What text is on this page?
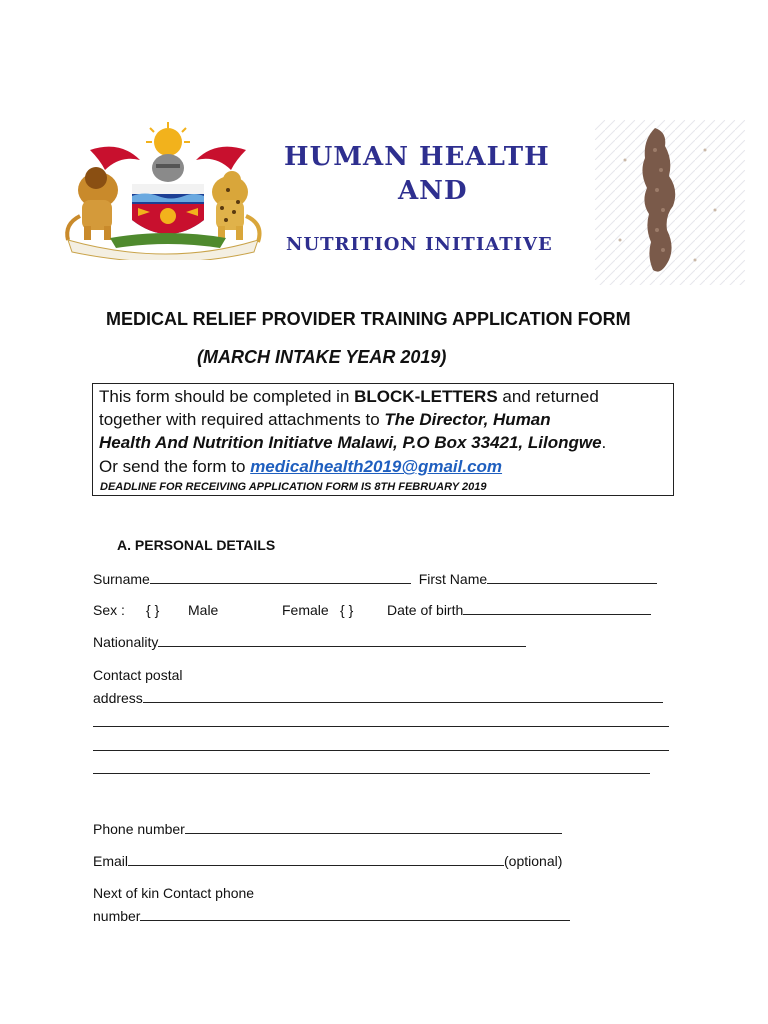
HUMAN HEALTH
AND
NUTRITION INITIATIVE
MEDICAL RELIEF PROVIDER TRAINING APPLICATION FORM
(MARCH INTAKE YEAR 2019)
This form should be completed in BLOCK-LETTERS and returned
together with required attachments to The Director, Human
Health And Nutrition Initiatve Malawi, P.O Box 33421, Lilongwe.
Or send the form to medicalhealth2019@gmail.com
DEADLINE FOR RECEIVING APPLICATION FORM IS 8TH FEBRUARY 2019
A. PERSONAL DETAILS
Surname	First Name
Sex : { } Male	Female { } Date of birth
Nationality
Contact postal
address
Phone number
Email	(optional)
Next of kin Contact phone
number
